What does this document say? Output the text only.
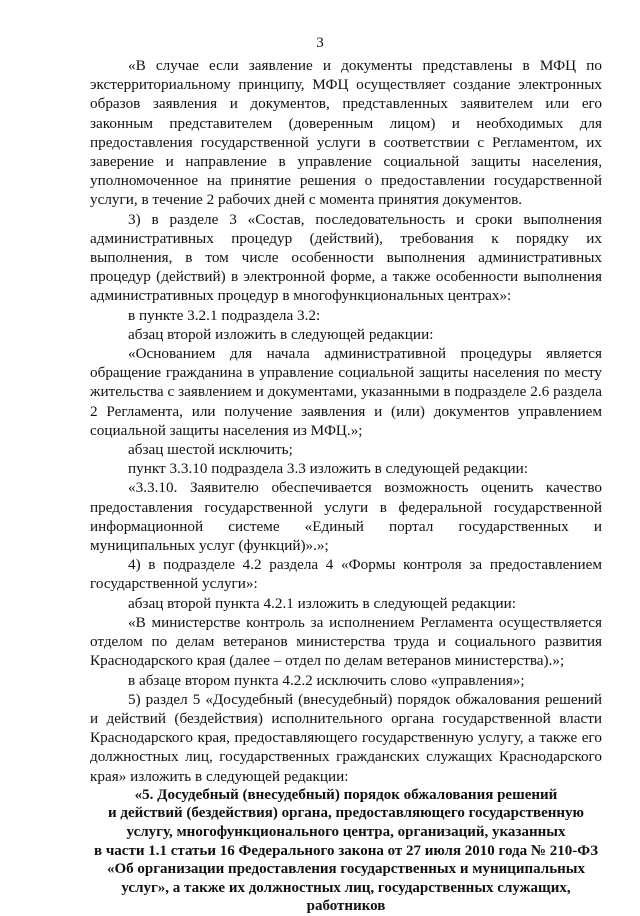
3

«В случае если заявление и документы представлены в МФЦ по экстерриториальному принципу, МФЦ осуществляет создание электронных образов заявления и документов, представленных заявителем или его законным представителем (доверенным лицом) и необходимых для предоставления государственной услуги в соответствии с Регламентом, их заверение и направление в управление социальной защиты населения, уполномоченное на принятие решения о предоставлении государственной услуги, в течение 2 рабочих дней с момента принятия документов.

3) в разделе 3 «Состав, последовательность и сроки выполнения административных процедур (действий), требования к порядку их выполнения, в том числе особенности выполнения административных процедур (действий) в электронной форме, а также особенности выполнения административных процедур в многофункциональных центрах»:

в пункте 3.2.1 подраздела 3.2:

абзац второй изложить в следующей редакции:

«Основанием для начала административной процедуры является обращение гражданина в управление социальной защиты населения по месту жительства с заявлением и документами, указанными в подразделе 2.6 раздела 2 Регламента, или получение заявления и (или) документов управлением социальной защиты населения из МФЦ.»;

абзац шестой исключить;

пункт 3.3.10 подраздела 3.3 изложить в следующей редакции:

«3.3.10. Заявителю обеспечивается возможность оценить качество предоставления государственной услуги в федеральной государственной информационной системе «Единый портал государственных и муниципальных услуг (функций)».»;

4) в подразделе 4.2 раздела 4 «Формы контроля за предоставлением государственной услуги»:

абзац второй пункта 4.2.1 изложить в следующей редакции:

«В министерстве контроль за исполнением Регламента осуществляется отделом по делам ветеранов министерства труда и социального развития Краснодарского края (далее – отдел по делам ветеранов министерства).»;

в абзаце втором пункта 4.2.2 исключить слово «управления»;

5) раздел 5 «Досудебный (внесудебный) порядок обжалования решений и действий (бездействия) исполнительного органа государственной власти Краснодарского края, предоставляющего государственную услугу, а также его должностных лиц, государственных гражданских служащих Краснодарского края» изложить в следующей редакции:

«5. Досудебный (внесудебный) порядок обжалования решений
и действий (бездействия) органа, предоставляющего государственную
услугу, многофункционального центра, организаций, указанных
в части 1.1 статьи 16 Федерального закона от 27 июля 2010 года № 210-ФЗ
«Об организации предоставления государственных и муниципальных
услуг», а также их должностных лиц, государственных служащих,
работников
